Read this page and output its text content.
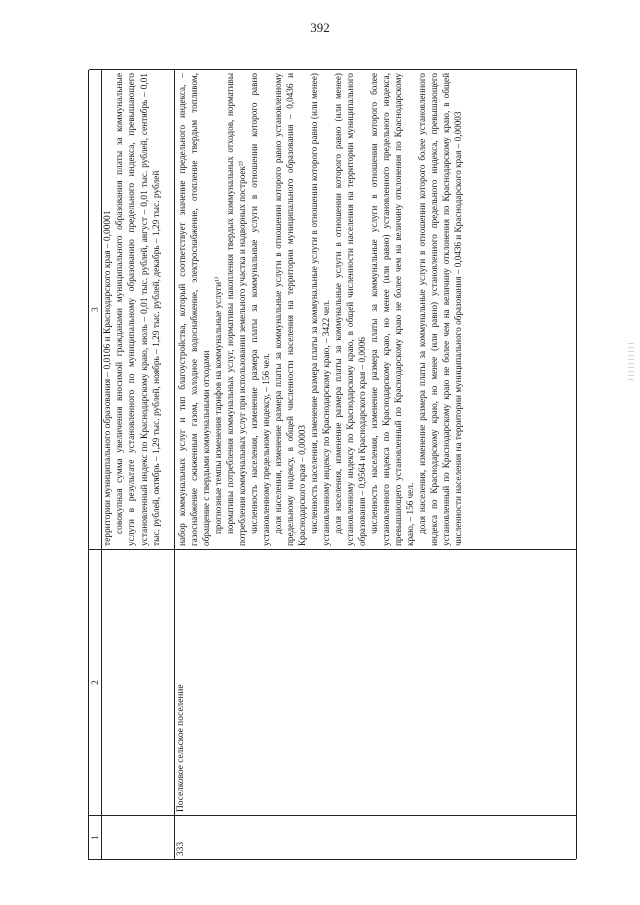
392
1
2
3 территории муниципального образования – 0,0106 и Краснодарского края – 0,00001 совокупная сумма увеличения вносимой гражданами муниципального образования платы за коммунальные услуги в результате установленного по муниципальному образованию предельного индекса, превышающего установленный индекс по Краснодарскому краю, июль – 0,01 тыс. рублей, август – 0,01 тыс. рублей, сентябрь – 0,01 тыс. рублей, октябрь – 1,29 тыс. рублей, ноябрь – 1,29 тыс. рублей, декабрь – 1,29 тыс. рублей

333
Поселковое сельское поселение

набор коммунальных услуг и тип благоустройства, который соответствует значение предельного индекса, – газоснабжение сжиженным газом, холодное водоснабжение, электроснабжение, отопление твердым топливом, обращение с твердыми коммунальными отходами прогнозные темпы изменения тарифов на коммунальные услуги¹⁾ нормативы потребления коммунальных услуг, нормативы накопления твердых коммунальных отходов, нормативы потребления коммунальных услуг при использовании земельного участка и надворных построек²⁾ численность населения, изменение размера платы за коммунальные услуги в отношении которого равно установленному предельному индексу, – 156 чел. доля населения, изменение размера платы за коммунальные услуги в отношении которого равно установленному предельному индексу, в общей численности населения на территории муниципального образования – 0,0436 и Краснодарского края – 0,00003 численность населения, изменение размера платы за коммунальные услуги в отношении которого равно (или менее) установленному индексу по Краснодарскому краю, – 3422 чел. доля населения, изменение размера платы за коммунальные услуги в отношении которого равно (или менее) установленному индексу по Краснодарскому краю, в общей численности населения на территории муниципального образования – 0,9564 и Краснодарского края – 0,0006 численность населения, изменение размера платы за коммунальные услуги в отношении которого более установленного индекса по Краснодарскому краю, но менее (или равно) установленного предельного индекса, превышающего установленный по Краснодарскому краю не более чем на величину отклонения по Краснодарскому краю, – 156 чел. доля населения, изменение размера платы за коммунальные услуги в отношении которого более установленного индекса по Краснодарскому краю, но менее (или равно) установленного предельного индекса, превышающего установленный по Краснодарскому краю не более чем на величину отклонения по Краснодарскому краю, в общей численности населения на территории муниципального образования – 0,0436 и Краснодарского края – 0,00003
